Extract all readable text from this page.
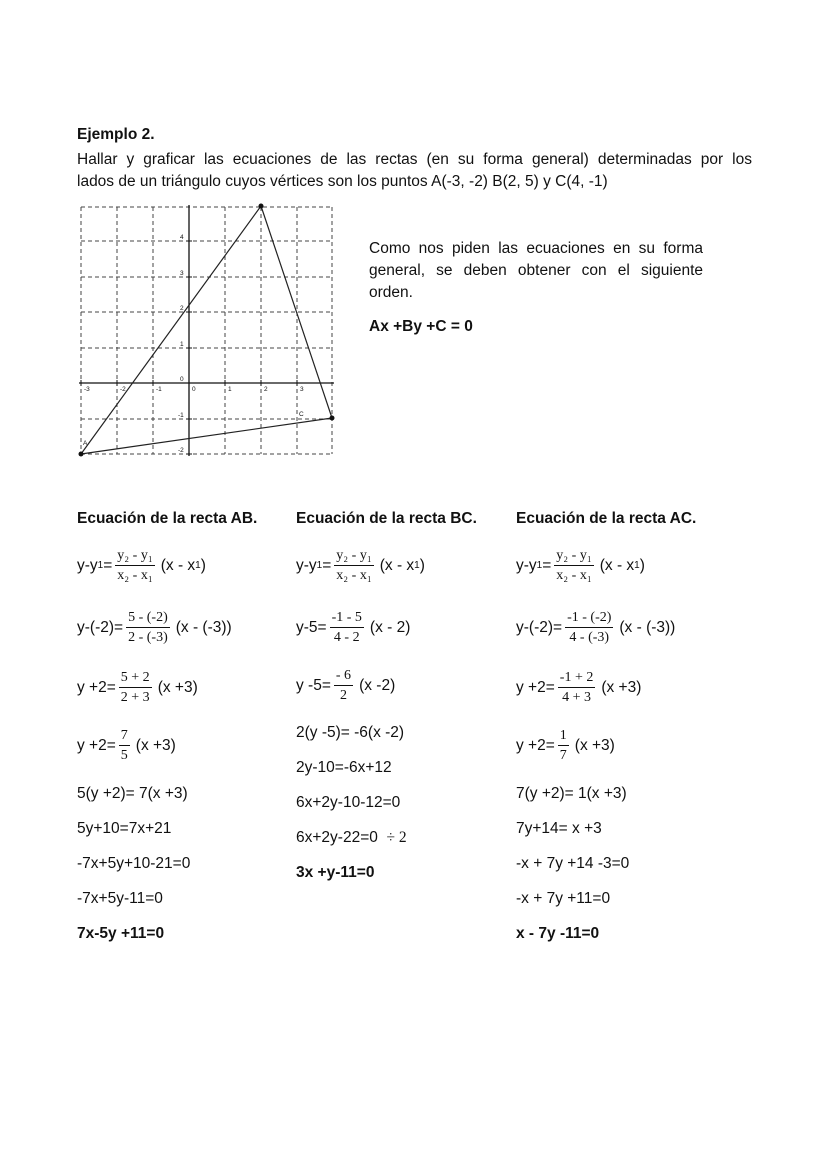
Ejemplo 2.
Hallar y graficar las ecuaciones de las rectas (en su forma general) determinadas por los
lados de un triángulo cuyos vértices son los puntos A(-3, -2) B(2, 5) y C(4, -1)
-3	-2	-1	0	1	2	3
4
3
2
1
0
-1
-2
A
C
Como nos piden las ecuaciones en su forma
general, se deben obtener con el siguiente
orden.
Ax +By +C = 0
Ecuación de la recta AB. Ecuación de la recta BC.	Ecuación de la recta AC.
y-y $1 = \frac{\text{y₂ - y₁}}{\text{x₂ - x₁}} (x - x$ 1 )
$y-(-2)= \frac{5 - (-2)}{2 - (-3)} (x - (-3))$
$y +2= \frac{5 + 2}{2 + 3} (x +3)$
$y +2= \frac{7}{5} (x +3)$
5(y +2)= 7(x +3)
5y+10=7x+21
-7x+5y+10-21=0
-7x+5y-11=0
7x-5y +11=0
y-y $1 = \frac{\text{y₂ - y₁}}{\text{x₂ - x₁}} (x - x$ 1 )
$y-5= \frac{-1 - 5}{4 - 2} (x - 2)$
y $-5= \frac{- 6}{2} (x$ -2)
2(y -5)= -6(x -2)
2y-10=-6x+12
6x+2y-10-12=0
6x+2y-22=0 ÷ 2
3x +y-11=0
y-y $1 = \frac{\text{y₂ - y₁}}{\text{x₂ - x₁}} (x - x$ 1 )
$y-(-2)= \frac{-1 - (-2)}{4 - (-3)} (x - (-3))$
$y +2= \frac{-1 + 2}{4 + 3} (x +3)$
$y +2= \frac{1}{7} (x +3)$
7(y +2)= 1(x +3)
7y+14= x +3
-x + 7y +14 -3=0
-x + 7y +11=0
x - 7y -11=0
